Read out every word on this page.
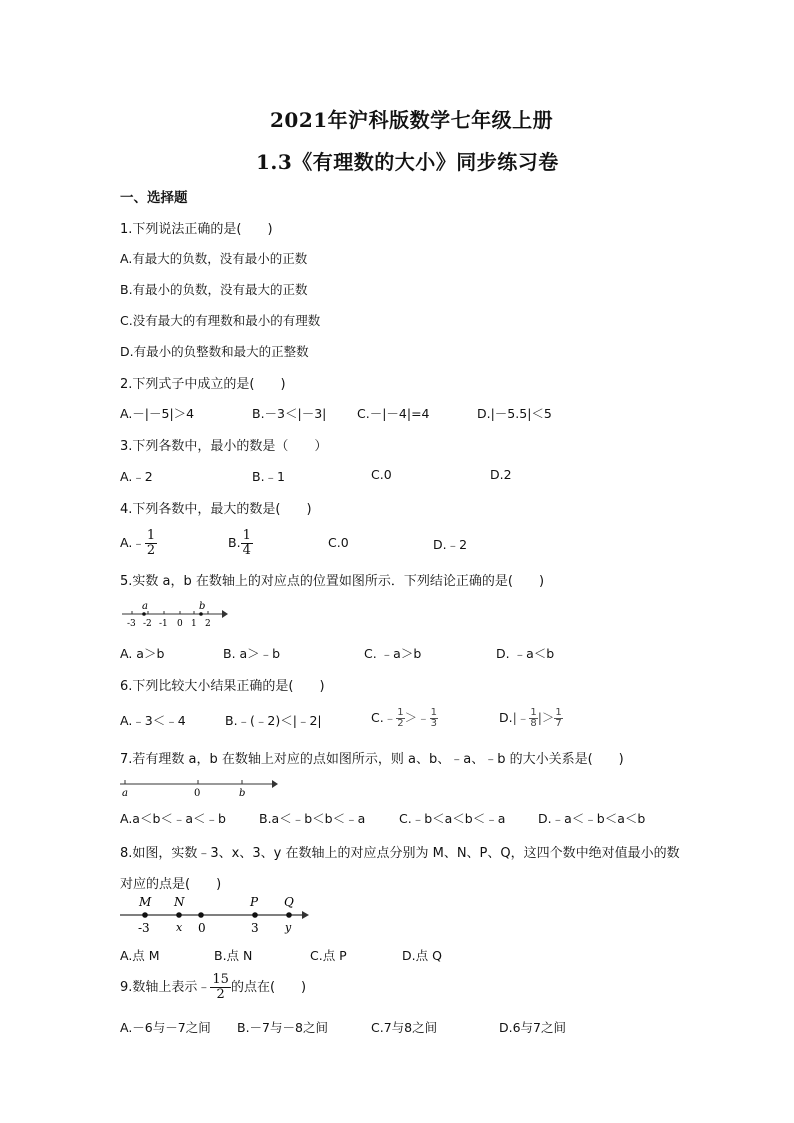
2021年沪科版数学七年级上册
1.3《有理数的大小》同步练习卷
一、选择题
1.下列说法正确的是(　　)
A.有最大的负数，没有最小的正数
B.有最小的负数，没有最大的正数
C.没有最大的有理数和最小的有理数
D.有最小的负整数和最大的正整数
2.下列式子中成立的是(　　)
A.－|－5|＞4	B.－3＜|－3| C.－|－4|=4	D.|－5.5|＜5
3.下列各数中，最小的数是（　　）
A.﹣2	B.﹣1	C.0	D.2
4.下列各数中，最大的数是(　　)
A.﹣ $\frac{1}{2}$	B. $\frac{1}{4}$	C.0	D.﹣2
5.实数 a，b 在数轴上的对应点的位置如图所示．下列结论正确的是(　　)
a	b
-3 -2 -1 0 1 2
A. a＞b	B. a＞﹣b	C. ﹣a＞b	D. ﹣a＜b
6.下列比较大小结果正确的是(　　)
A.﹣3＜﹣4	B.﹣(﹣2)＜|﹣2|	C.﹣ $\frac{1}{2}$ ＞﹣ $\frac{1}{3}$	D.|﹣ $\frac{1}{8}$ |＞ $\frac{1}{7}$
7.若有理数 a，b 在数轴上对应的点如图所示，则 a、b、﹣a、﹣b 的大小关系是(　　)
a	0	b
A.a＜b＜﹣a＜﹣b	B.a＜﹣b＜b＜﹣a	C.﹣b＜a＜b＜﹣a	D.﹣a＜﹣b＜a＜b
8.如图，实数﹣3、x、3、y 在数轴上的对应点分别为 M、N、P、Q，这四个数中绝对值最小的数
对应的点是(　　)
M N	P Q
-3 x 0	3 y
A.点 M	B.点 N	C.点 P	D.点 Q
9.数轴上表示﹣ $\frac{15}{2}$ 的点在(　　)
A.－6与－7之间 B.－7与－8之间	C.7与8之间	D.6与7之间
